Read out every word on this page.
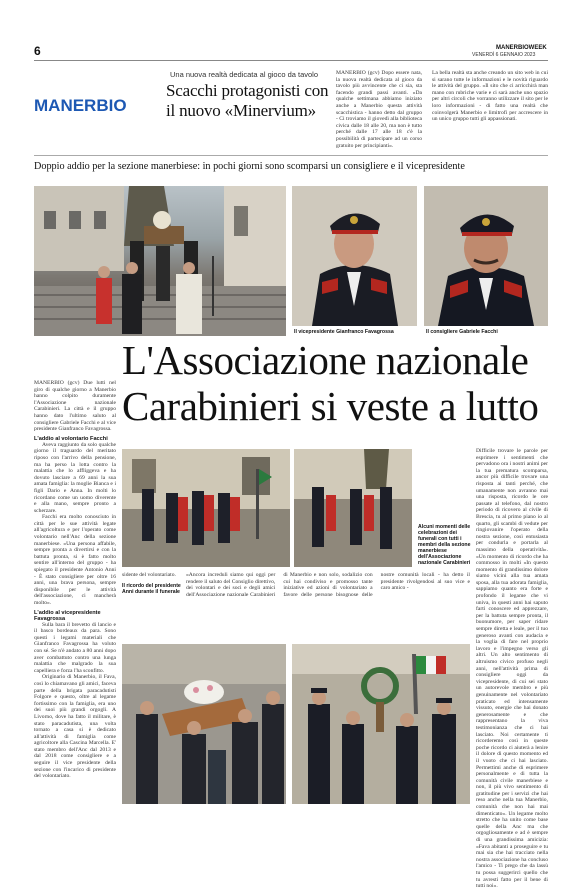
6	MANERBIOWEEK
VENERDÌ 6 GENNAIO 2023
MANERBIO
Una nuova realtà dedicata al gioco da tavolo
Scacchi protagonisti con
il nuovo «Minervium»
MANERBIO (gcv) Dopo essere nata, la nuova realtà dedicata al gioco da tavolo più avvincente che ci sia, sta facendo grandi passi avanti. «Da qualche settimana abbiamo iniziato anche a Manerbio questa attività scacchistica - hanno detto dal gruppo - Ci troviamo il giovedì alla biblioteca civica dalle 18 alle 20, ma non è tutto perché dalle 17 alle 18 c'è la possibilità di partecipare ad un corso gratuito per principianti».
La bella realtà sta anche creando un sito web in cui si sarano tutte le informazioni e le novità riguardo le attività del gruppo. «Il sito che ci arricchirà man mano con rubriche varie e ci sarà anche uno spazio per altri circoli che vorranno utilizzare il sito per le loro informazioni - di fatto una realtà che coinvolgerà Manerbio e limitrofi per accrescere in un unico gruppo tutti gli appassionati.
Doppio addio per la sezione manerbiese: in pochi giorni sono scomparsi un consigliere e il vicepresidente
Il vicepresidente Gianfranco Favagrossa	Il consigliere Gabriele Facchi
L'Associazione nazionale
Carabinieri si veste a lutto
MANERBIO (gcv) Due lutti nel giro di qualche giorno a Manerbio hanno colpito duramente l'Associazione nazionale Carabinieri. La città e il gruppo hanno dato l'ultimo saluto al consigliere Gabriele Facchi e al vice presidente Gianfranco Favagrossa.
L'addio al volontario Facchi
Aveva raggiunto da solo qualche giorno il traguardo del meritato riposo con l'arrivo della pensione, ma ha perso la lotta contro la malattia che lo affliggeva e ha dovuto lasciare a 69 anni la sua amata famiglia: la moglie Bianca e i figli Dario e Anna. In molti lo ricordano come un uomo diverente e alla mano, sempre pronto a scherzare.
Facchi era molto conosciuto in città per le sue attività legate all'agricoltura e per l'operato come volontario nell'Anc della sezione manerbiese. «Una persona affabile, sempre pronta a divertirsi e con la battuta pronta, si è fatto molto sentire all'interno del gruppo - ha spiegato il presidente Antonio Anni - È stato consigliere per oltre 16 anni, una brava persona, sempre disponibile per le attività dell'associazione, ci mancherà molto».
L'addio al vicepresidente Favagrossa
Sulla bara il brevetto di lancio e il basco bordeaux da para. Sono questi i legami materiali che Gianfranco Favagrossa ha voluto con sé. Se n'è andato a 80 anni dopo aver combattuto contro una lunga malattia che malgrado la sua capelliera e forza l'ha sconfitto.
Originario di Manerbio, il Fava, così lo chiamavano gli amici, faceva parte della brigata paracadutisti Folgore e questo, oltre al legame fortissimo con la famiglia, era uno dei suoi più grandi orgogli. A Livorno, dove ha fatto il militare, è stato paracadutista, una volta tornato a casa si è dedicato all'attività di famiglia come agricoltore alla Cascina Marcella. E' stato membro dell'Anc dal 2013 e dal 2018 come consigliere e a seguire il vice presidente della sezione con l'incarico di presidente del volontariato.
Alcuni momenti delle celebrazioni dei funerali con tutti i membri della sezione manerbiese dell'Associazione nazionale Carabinieri
sidente del volontariato.
Il ricordo del presidente Anni durante il funerale
«Ancora increduli siamo qui oggi per rendere il saluto del Consiglio direttivo, dei volontari e dei soci e degli amici dell'Associazione nazionale Carabinieri di Manerbio e non solo, sodalizio con cui hai condiviso e promosso tante iniziative ed azioni di volontariato a favore delle persone bisognose delle nostre comunità locali - ha detto il presidente rivolgendosi al suo vice e caro amico -
Difficile trovare le parole per esprimere i sentimenti che pervadono ora i nostri animi per la tua prematura scomparsa, ancor più difficile trovare una risposta ai tanti perché, che umanamente non avranno mai una risposta, ricordo le ore passate al telefono, dal nostro periodo di ricovero al civile di Brescia, tu al primo piano io al quarto, gli scambi di vedute per ringiovanire l'operato della nostra sezione, così entusiasta per condurla e portarla al massimo della operatività». «Un momento di ricordo che ha commosso in molti «In questo momento di grandissimo dolore siamo vicini alla tua amata sposa, alla tua adorata famiglia, sappiamo quanto era forte e profondo il legame che vi univa, in questi anni hai saputo farti conoscere ed apprezzare, per la battuta sempre pronta, il buonumore, per saper ridare sempre diretta e leale, per il tuo generoso avanti con audacia e la voglia di fare nel proprio lavoro e l'impegno verso gli altri. Un alto sentimento di altruismo civico profuso negli anni, nell'attività prima di consigliere oggi da vicepresidente, di cui sei stato un autorevole membro e più genuinamente nel volontariato praticato ed intensamente vissuto, energie che hai donato generosamente e che rappresentano la viva testimonianza che ci hai lasciato. Noi certamente ti ricorderemo così in queste poche ricordo ci aiuterà a lenire il dolore di questo momento ed il vuoto che ci hai lasciato. Permettimi anche di esprimere personalmente e di tutta la comunità civile manerbiese e non, il più vivo sentimento di gratitudine per i servizi che hai reso anche nella tua Manerbio, comunità che non hai mai dimenticato». Un legame molto stretto che ha unito come base quelle della Anc ma che orgogliosamente e ad è sempre di una grandissima amicizia: «Fava abitanti a proseguire e tu mai sia che hai tracciato nella nostra associazione ha concluso l'amico - Ti prego che da lassù tu possa suggerirci quello che tu avresti fatto per il bene di tutti noi».
